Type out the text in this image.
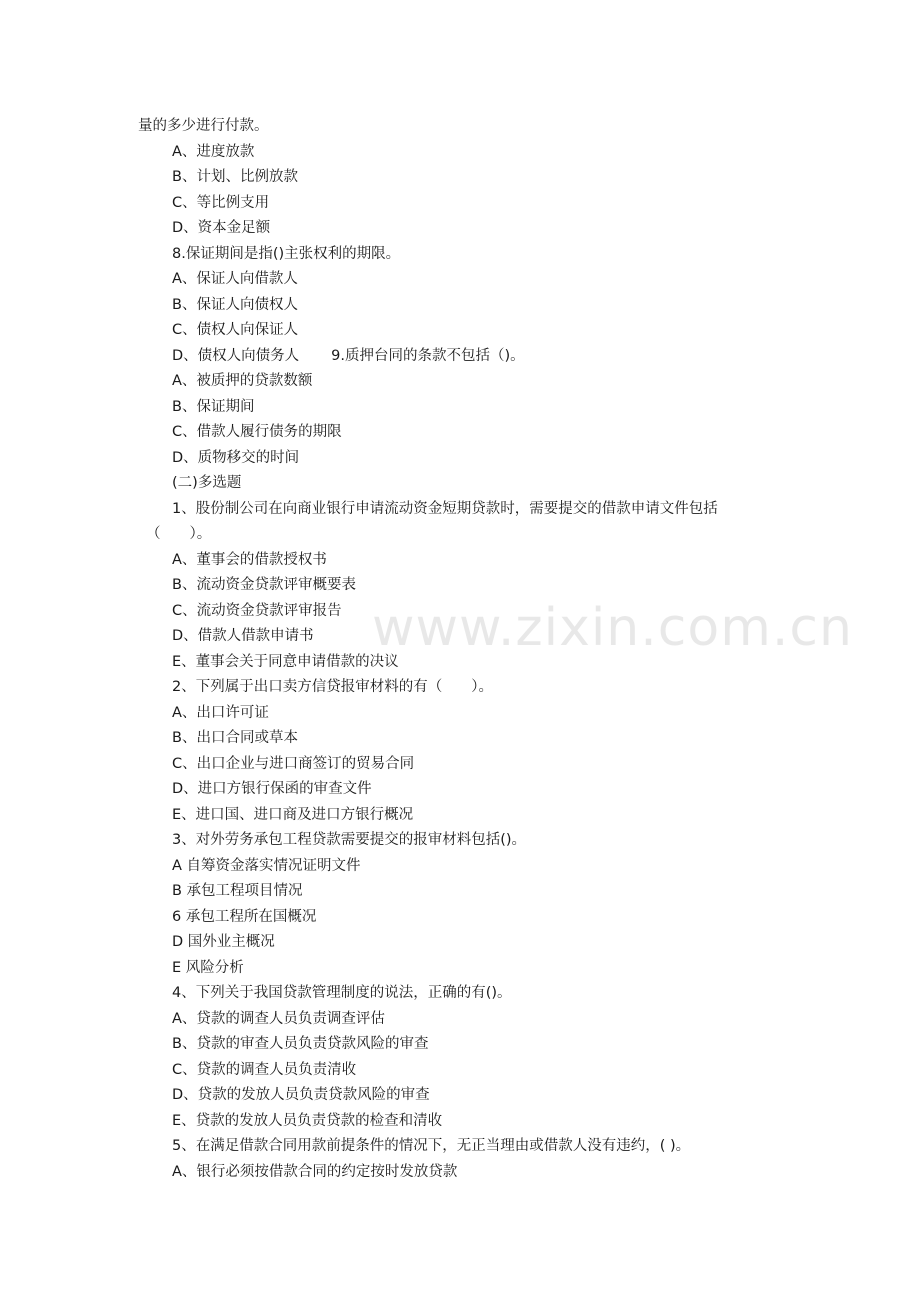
量的多少进行付款。
A、进度放款
B、计划、比例放款
C、等比例支用
D、资本金足额
8.保证期间是指()主张权利的期限。
A、保证人向借款人
B、保证人向债权人
C、债权人向保证人
D、债权人向债务人 9.质押台同的条款不包括（)。
A、被质押的贷款数额
B、保证期间
C、借款人履行债务的期限
D、质物移交的时间
(二)多选题
1、股份制公司在向商业银行申请流动资金短期贷款时，需要提交的借款申请文件包括
（　　）。
A、董事会的借款授权书
B、流动资金贷款评审概要表
C、流动资金贷款评审报告
D、借款人借款申请书
E、董事会关于同意申请借款的决议
2、下列属于出口卖方信贷报审材料的有（　　）。
A、出口许可证
B、出口合同或草本
C、出口企业与进口商签订的贸易合同
D、进口方银行保函的审查文件
E、进口国、进口商及进口方银行概况
3、对外劳务承包工程贷款需要提交的报审材料包括()。
A 自筹资金落实情况证明文件
B 承包工程项目情况
6 承包工程所在国概况
D 国外业主概况
E 风险分析
4、下列关于我国贷款管理制度的说法，正确的有()。
A、贷款的调查人员负责调查评估
B、贷款的审查人员负责贷款风险的审查
C、贷款的调查人员负责清收
D、贷款的发放人员负责贷款风险的审查
E、贷款的发放人员负责贷款的检查和清收
5、在满足借款合同用款前提条件的情况下，无正当理由或借款人没有违约，( )。
A、银行必须按借款合同的约定按时发放贷款
www.zixin.com.cn
